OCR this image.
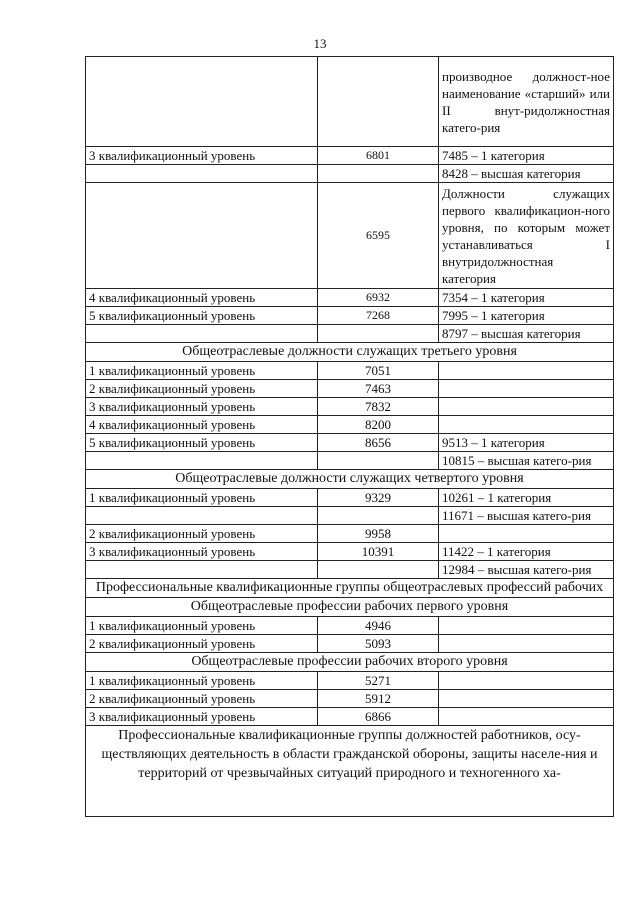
13
		производное должност-ное наименование «старший» или II внут-ридолжностная катего-рия
3 квалификационный уровень	6801	7485 – 1 категория
		8428 – высшая категория
	6595	Должности служащих первого квалификацион-ного уровня, по которым может устанавливаться I внутридолжностная категория
4 квалификационный уровень	6932	7354 – 1 категория
5 квалификационный уровень	7268	7995 – 1 категория
		8797 – высшая категория
Общеотраслевые должности служащих третьего уровня		
1 квалификационный уровень	7051	
2 квалификационный уровень	7463	
3 квалификационный уровень	7832	
4 квалификационный уровень	8200	
5 квалификационный уровень	8656	9513 – 1 категория
		10815 – высшая катего-рия
Общеотраслевые должности служащих четвертого уровня		
1 квалификационный уровень	9329	10261 – 1 категория
		11671 – высшая катего-рия
2 квалификационный уровень	9958	
3 квалификационный уровень	10391	11422 – 1 категория
		12984 – высшая катего-рия
Профессиональные квалификационные группы общеотраслевых профессий рабочих		
Общеотраслевые профессии рабочих первого уровня		
1 квалификационный уровень	4946	
2 квалификационный уровень	5093	
Общеотраслевые профессии рабочих второго уровня		
1 квалификационный уровень	5271	
2 квалификационный уровень	5912	
3 квалификационный уровень	6866	
Профессиональные квалификационные группы должностей работников, осу-ществляющих деятельность в области гражданской обороны, защиты населе-ния и территорий от чрезвычайных ситуаций природного и техногенного ха-		
